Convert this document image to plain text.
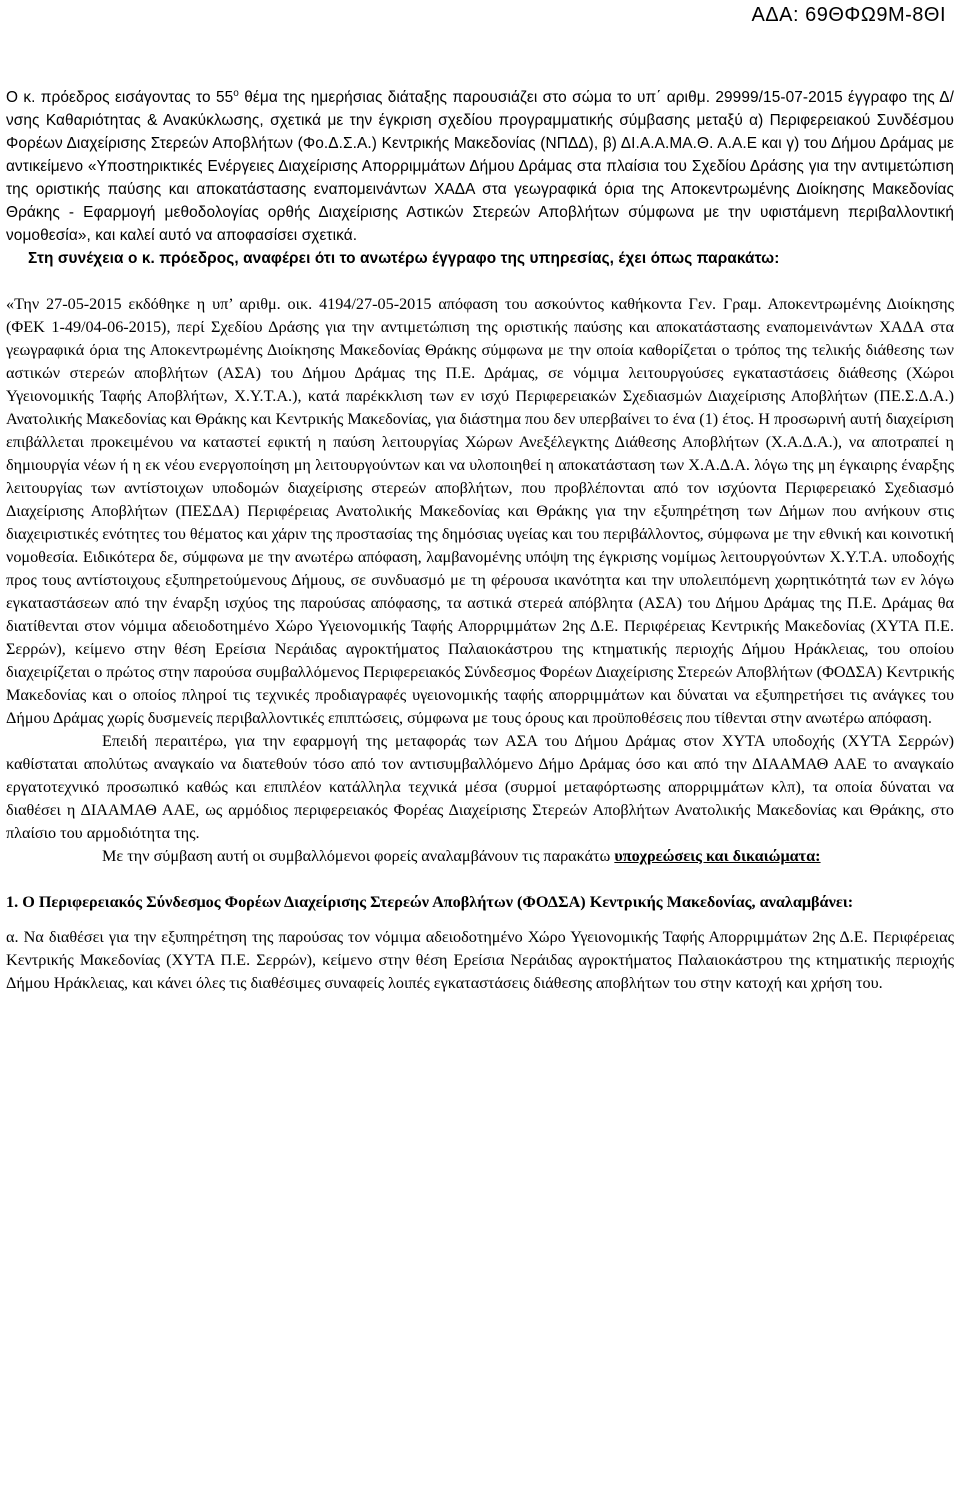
ΑΔΑ: 69ΘΦΩ9Μ-8ΘΙ

Ο κ. πρόεδρος εισάγοντας το $55^o$ θέμα της ημερήσιας διάταξης παρουσιάζει στο σώμα το υπ΄ αριθμ. 29999/15-07-2015 έγγραφο της Δ/νσης Καθαριότητας & Ανακύκλωσης, σχετικά με την έγκριση σχεδίου προγραμματικής σύμβασης μεταξύ α) Περιφερειακού Συνδέσμου Φορέων Διαχείρισης Στερεών Αποβλήτων (Φο.Δ.Σ.Α.) Κεντρικής Μακεδονίας (ΝΠΔΔ), β) ΔΙ.Α.Α.ΜΑ.Θ. Α.Α.Ε και γ) του Δήμου Δράμας με αντικείμενο «Υποστηρικτικές Ενέργειες Διαχείρισης Απορριμμάτων Δήμου Δράμας στα πλαίσια του Σχεδίου Δράσης για την αντιμετώπιση της οριστικής παύσης και αποκατάστασης εναπομεινάντων ΧΑΔΑ στα γεωγραφικά όρια της Αποκεντρωμένης Διοίκησης Μακεδονίας Θράκης - Εφαρμογή μεθοδολογίας ορθής Διαχείρισης Αστικών Στερεών Αποβλήτων σύμφωνα με την υφιστάμενη περιβαλλοντική νομοθεσία», και καλεί αυτό να αποφασίσει σχετικά.

Στη συνέχεια ο κ. πρόεδρος, αναφέρει ότι το ανωτέρω έγγραφο της υπηρεσίας, έχει όπως παρακάτω:

«Την 27-05-2015 εκδόθηκε η υπ’ αριθμ. οικ. 4194/27-05-2015 απόφαση του ασκούντος καθήκοντα Γεν. Γραμ. Αποκεντρωμένης Διοίκησης (ΦΕΚ 1-49/04-06-2015), περί Σχεδίου Δράσης για την αντιμετώπιση της οριστικής παύσης και αποκατάστασης εναπομεινάντων ΧΑΔΑ στα γεωγραφικά όρια της Αποκεντρωμένης Διοίκησης Μακεδονίας Θράκης σύμφωνα με την οποία καθορίζεται ο τρόπος της τελικής διάθεσης των αστικών στερεών αποβλήτων (ΑΣΑ) του Δήμου Δράμας της Π.Ε. Δράμας, σε νόμιμα λειτουργούσες εγκαταστάσεις διάθεσης (Χώροι Υγειονομικής Ταφής Αποβλήτων, Χ.Υ.Τ.Α.), κατά παρέκκλιση των εν ισχύ Περιφερειακών Σχεδιασμών Διαχείρισης Αποβλήτων (ΠΕ.Σ.Δ.Α.) Ανατολικής Μακεδονίας και Θράκης και Κεντρικής Μακεδονίας, για διάστημα που δεν υπερβαίνει το ένα (1) έτος. Η προσωρινή αυτή διαχείριση επιβάλλεται προκειμένου να καταστεί εφικτή η παύση λειτουργίας Χώρων Ανεξέλεγκτης Διάθεσης Αποβλήτων (Χ.Α.Δ.Α.), να αποτραπεί η δημιουργία νέων ή η εκ νέου ενεργοποίηση μη λειτουργούντων και να υλοποιηθεί η αποκατάσταση των Χ.Α.Δ.Α. λόγω της μη έγκαιρης έναρξης λειτουργίας των αντίστοιχων υποδομών διαχείρισης στερεών αποβλήτων, που προβλέπονται από τον ισχύοντα Περιφερειακό Σχεδιασμό Διαχείρισης Αποβλήτων (ΠΕΣΔΑ) Περιφέρειας Ανατολικής Μακεδονίας και Θράκης για την εξυπηρέτηση των Δήμων που ανήκουν στις διαχειριστικές ενότητες του θέματος και χάριν της προστασίας της δημόσιας υγείας και του περιβάλλοντος, σύμφωνα με την εθνική και κοινοτική νομοθεσία. Ειδικότερα δε, σύμφωνα με την ανωτέρω απόφαση, λαμβανομένης υπόψη της έγκρισης νομίμως λειτουργούντων Χ.Υ.Τ.Α. υποδοχής προς τους αντίστοιχους εξυπηρετούμενους Δήμους, σε συνδυασμό με τη φέρουσα ικανότητα και την υπολειπόμενη χωρητικότητά των εν λόγω εγκαταστάσεων από την έναρξη ισχύος της παρούσας απόφασης, τα αστικά στερεά απόβλητα (ΑΣΑ) του Δήμου Δράμας της Π.Ε. Δράμας θα διατίθενται στον νόμιμα αδειοδοτημένο Χώρο Υγειονομικής Ταφής Απορριμμάτων 2ης Δ.Ε. Περιφέρειας Κεντρικής Μακεδονίας (ΧΥΤΑ Π.Ε. Σερρών), κείμενο στην θέση Ερείσια Νεράιδας αγροκτήματος Παλαιοκάστρου της κτηματικής περιοχής Δήμου Ηράκλειας, του οποίου διαχειρίζεται ο πρώτος στην παρούσα συμβαλλόμενος Περιφερειακός Σύνδεσμος Φορέων Διαχείρισης Στερεών Αποβλήτων (ΦΟΔΣΑ) Κεντρικής Μακεδονίας και ο οποίος πληροί τις τεχνικές προδιαγραφές υγειονομικής ταφής απορριμμάτων και δύναται να εξυπηρετήσει τις ανάγκες του Δήμου Δράμας χωρίς δυσμενείς περιβαλλοντικές επιπτώσεις, σύμφωνα με τους όρους και προϋποθέσεις που τίθενται στην ανωτέρω απόφαση.

Επειδή περαιτέρω, για την εφαρμογή της μεταφοράς των ΑΣΑ του Δήμου Δράμας στον ΧΥΤΑ υποδοχής (ΧΥΤΑ Σερρών) καθίσταται απολύτως αναγκαίο να διατεθούν τόσο από τον αντισυμβαλλόμενο Δήμο Δράμας όσο και από την ΔΙΑΑΜΑΘ ΑΑΕ το αναγκαίο εργατοτεχνικό προσωπικό καθώς και επιπλέον κατάλληλα τεχνικά μέσα (συρμοί μεταφόρτωσης απορριμμάτων κλπ), τα οποία δύναται να διαθέσει η ΔΙΑΑΜΑΘ ΑΑΕ, ως αρμόδιος περιφερειακός Φορέας Διαχείρισης Στερεών Αποβλήτων Ανατολικής Μακεδονίας και Θράκης, στο πλαίσιο του αρμοδιότητα της.

Με την σύμβαση αυτή οι συμβαλλόμενοι φορείς αναλαμβάνουν τις παρακάτω υποχρεώσεις και δικαιώματα:

1. Ο Περιφερειακός Σύνδεσμος Φορέων Διαχείρισης Στερεών Αποβλήτων (ΦΟΔΣΑ) Κεντρικής Μακεδονίας, αναλαμβάνει:

α. Να διαθέσει για την εξυπηρέτηση της παρούσας τον νόμιμα αδειοδοτημένο Χώρο Υγειονομικής Ταφής Απορριμμάτων 2ης Δ.Ε. Περιφέρειας Κεντρικής Μακεδονίας (ΧΥΤΑ Π.Ε. Σερρών), κείμενο στην θέση Ερείσια Νεράιδας αγροκτήματος Παλαιοκάστρου της κτηματικής περιοχής Δήμου Ηράκλειας, και κάνει όλες τις διαθέσιμες συναφείς λοιπές εγκαταστάσεις διάθεσης αποβλήτων του στην κατοχή και χρήση του.
